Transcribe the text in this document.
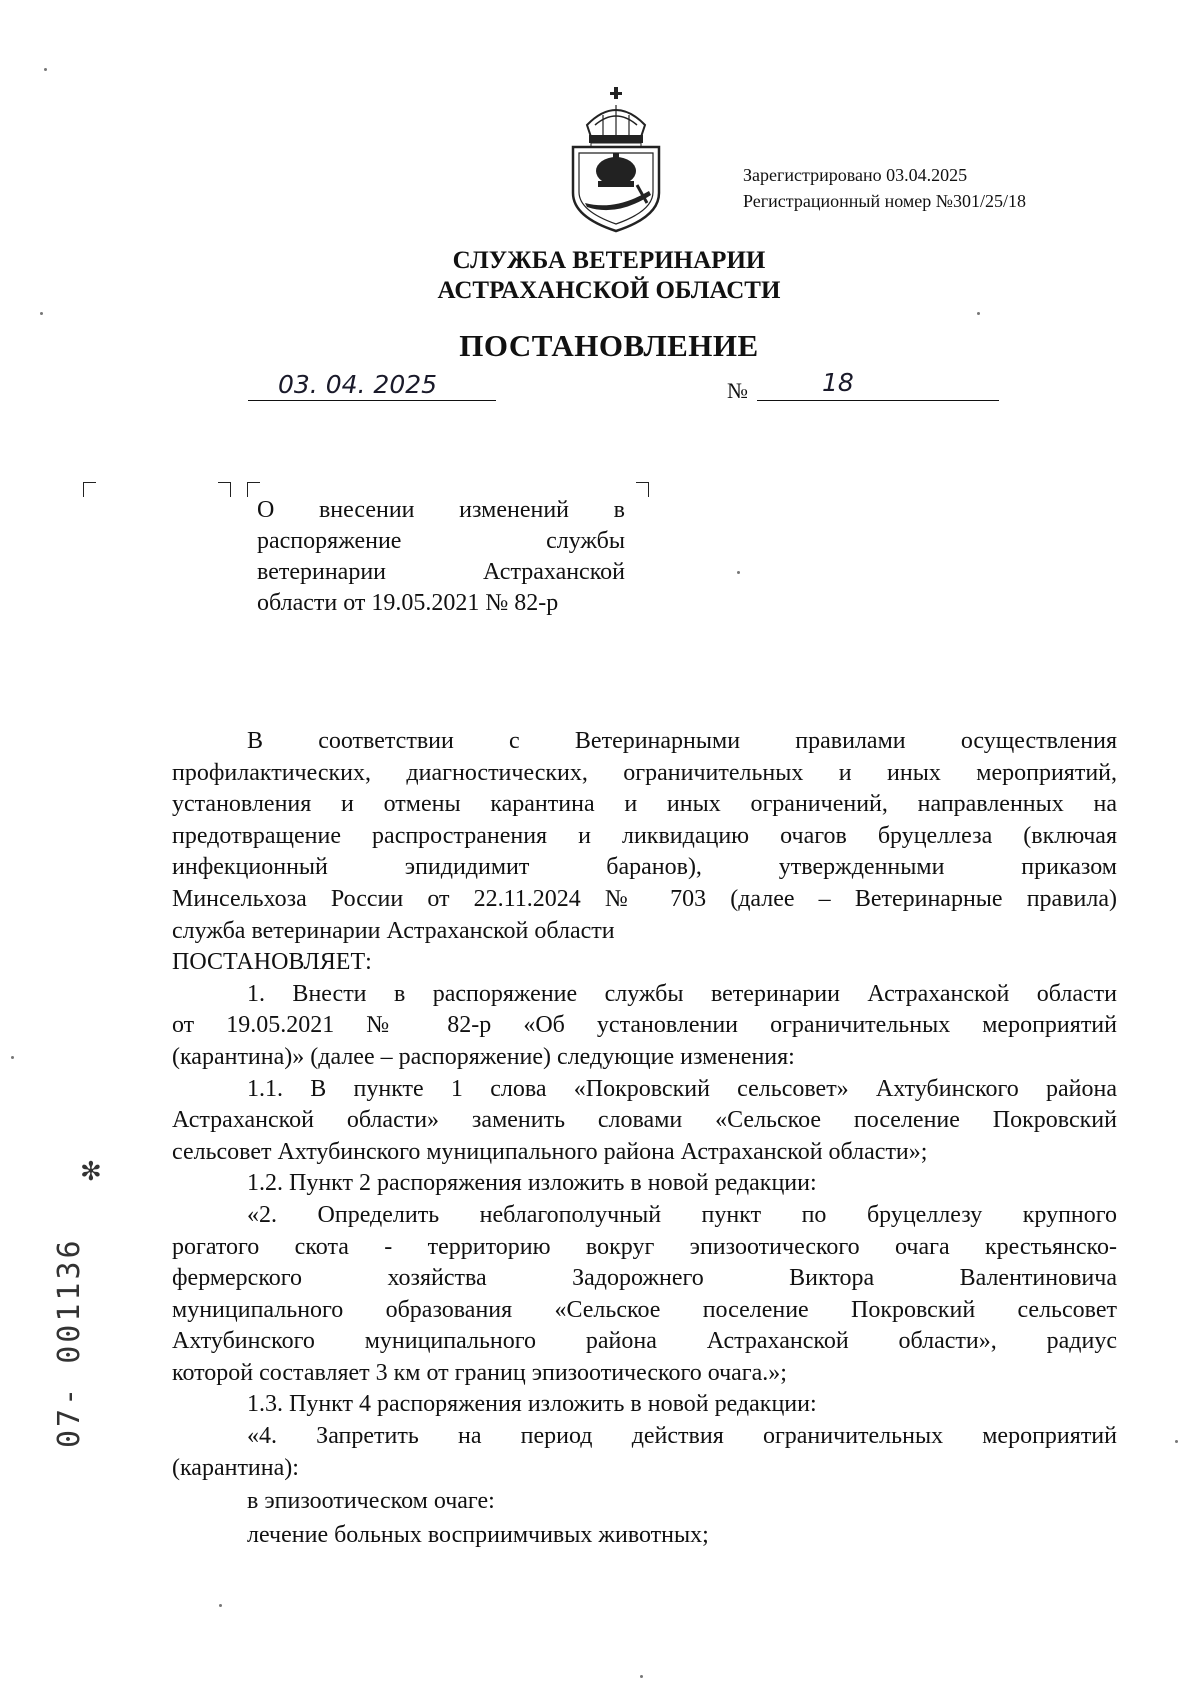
Зарегистрировано 03.04.2025
Регистрационный номер №301/25/18
СЛУЖБА ВЕТЕРИНАРИИ
АСТРАХАНСКОЙ ОБЛАСТИ
ПОСТАНОВЛЕНИЕ
03. 04. 2025	№	18
О внесении изменений в
распоряжение службы
ветеринарии Астраханской
области от 19.05.2021 № 82-р

В соответствии с Ветеринарными правилами осуществления

профилактических, диагностических, ограничительных и иных мероприятий,

установления и отмены карантина и иных ограничений, направленных на

предотвращение распространения и ликвидацию очагов бруцеллеза (включая

инфекционный эпидидимит баранов), утвержденными приказом

Минсельхоза России от 22.11.2024 № 703 (далее – Ветеринарные правила)

служба ветеринарии Астраханской области

ПОСТАНОВЛЯЕТ:

1. Внести в распоряжение службы ветеринарии Астраханской области

от 19.05.2021 № 82-р «Об установлении ограничительных мероприятий

(карантина)» (далее – распоряжение) следующие изменения:

1.1. В пункте 1 слова «Покровский сельсовет» Ахтубинского района

Астраханской области» заменить словами «Сельское поселение Покровский

сельсовет Ахтубинского муниципального района Астраханской области»;

1.2. Пункт 2 распоряжения изложить в новой редакции:

«2. Определить неблагополучный пункт по бруцеллезу крупного

рогатого скота - территорию вокруг эпизоотического очага крестьянско-

фермерского хозяйства Задорожнего Виктора Валентиновича

муниципального образования «Сельское поселение Покровский сельсовет

Ахтубинского муниципального района Астраханской области», радиус

которой составляет 3 км от границ эпизоотического очага.»;

1.3. Пункт 4 распоряжения изложить в новой редакции:

«4. Запретить на период действия ограничительных мероприятий

(карантина):

в эпизоотическом очаге:

лечение больных восприимчивых животных;

07- 001136
✻
